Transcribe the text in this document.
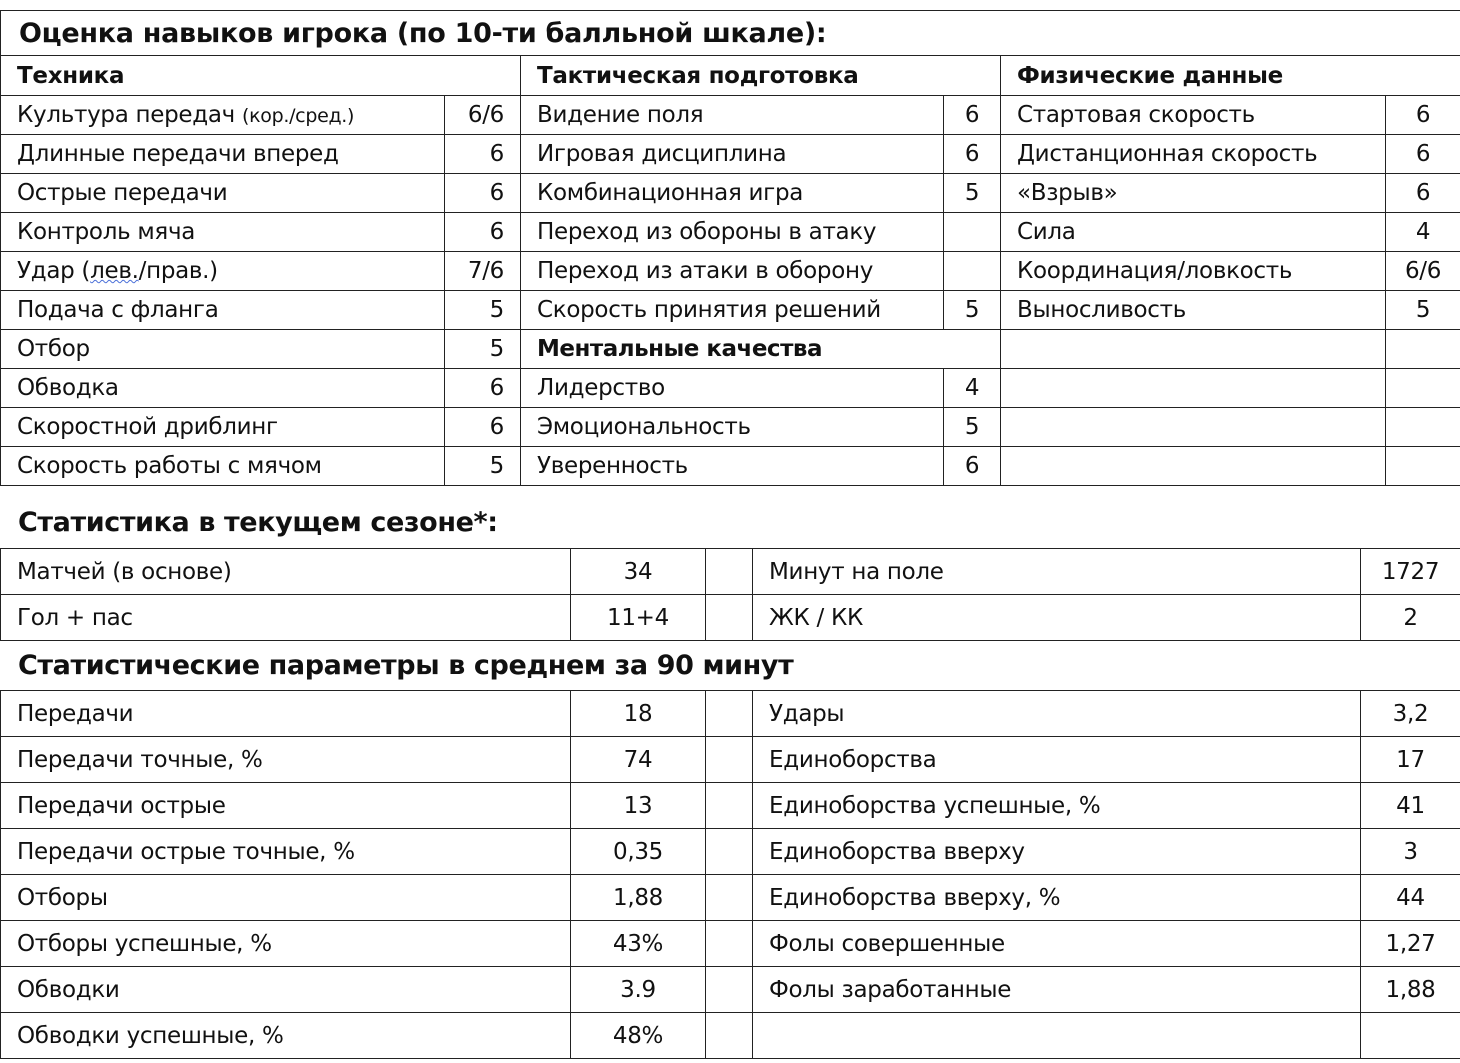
Оценка навыков игрока (по 10-ти балльной шкале):					
Техника		Тактическая подготовка		Физические данные	
Культура передач (кор./сред.)	6/6	Видение поля	6	Стартовая скорость	6
Длинные передачи вперед	6	Игровая дисциплина	6	Дистанционная скорость	6
Острые передачи	6	Комбинационная игра	5	«Взрыв»	6
Контроль мяча	6	Переход из обороны в атаку		Сила	4
Удар (лев./прав.)	7/6	Переход из атаки в оборону		Координация/ловкость	6/6
Подача с фланга	5	Скорость принятия решений	5	Выносливость	5
Отбор	5	Ментальные качества			
Обводка	6	Лидерство	4		
Скоростной дриблинг	6	Эмоциональность	5		
Скорость работы с мячом	5	Уверенность	6		
Статистика в текущем сезоне*:
Матчей (в основе)	34		Минут на поле	1727
Гол + пас	11+4		ЖК / КК	2
Статистические параметры в среднем за 90 минут
Передачи	18		Удары	3,2
Передачи точные, %	74		Единоборства	17
Передачи острые	13		Единоборства успешные, %	41
Передачи острые точные, %	0,35		Единоборства вверху	3
Отборы	1,88		Единоборства вверху, %	44
Отборы успешные, %	43%		Фолы совершенные	1,27
Обводки	3.9		Фолы заработанные	1,88
Обводки успешные, %	48%			
